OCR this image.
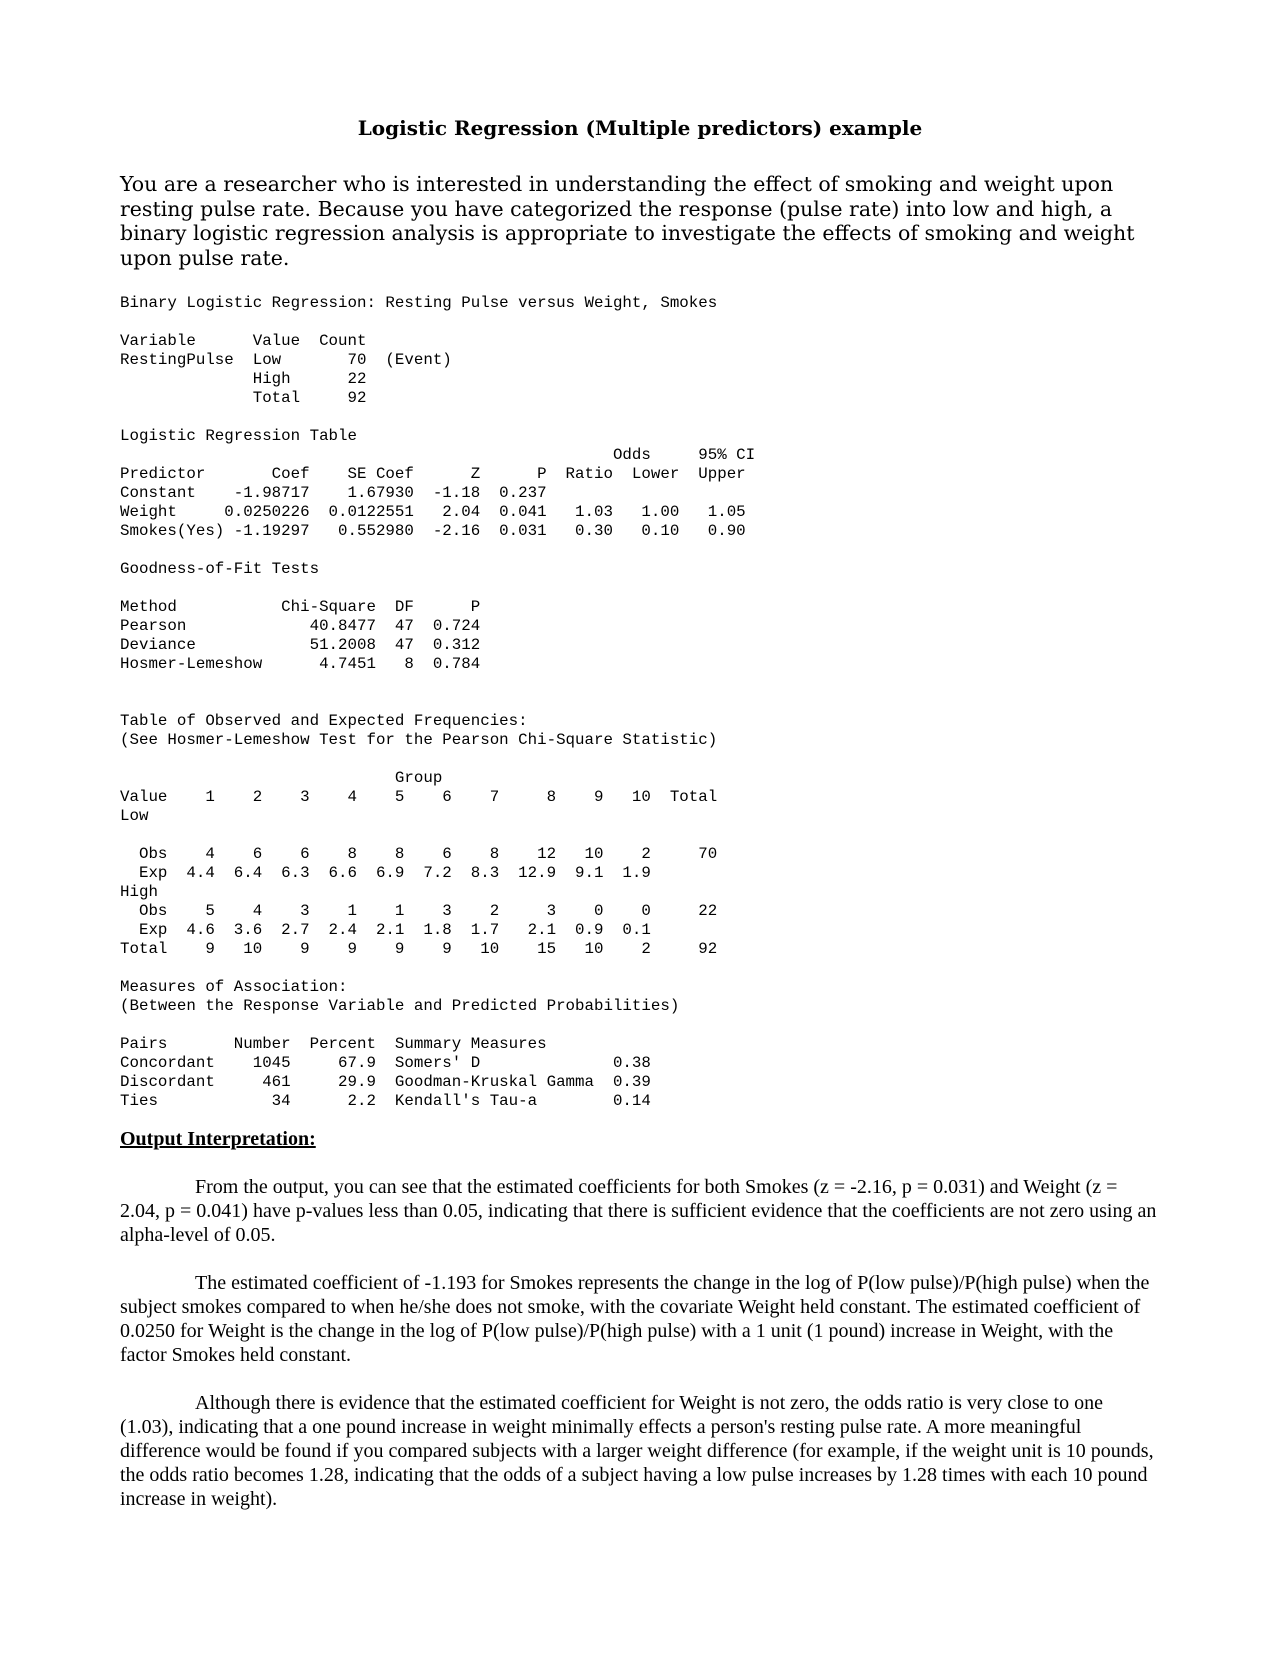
Logistic Regression (Multiple predictors) example

You are a researcher who is interested in understanding the effect of smoking and weight upon resting pulse rate. Because you have categorized the response (pulse rate) into low and high, a binary logistic regression analysis is appropriate to investigate the effects of smoking and weight upon pulse rate.

Binary Logistic Regression: Resting Pulse versus Weight, Smokes

Variable      Value  Count
RestingPulse  Low       70  (Event)
High      22
Total     92

Logistic Regression Table
Odds     95% CI
Predictor       Coef    SE Coef      Z      P  Ratio  Lower  Upper
Constant    -1.98717    1.67930  -1.18  0.237
Weight     0.0250226  0.0122551   2.04  0.041   1.03   1.00   1.05
Smokes(Yes) -1.19297   0.552980  -2.16  0.031   0.30   0.10   0.90

Goodness-of-Fit Tests

Method           Chi-Square  DF      P
Pearson             40.8477  47  0.724
Deviance            51.2008  47  0.312
Hosmer-Lemeshow      4.7451   8  0.784

Table of Observed and Expected Frequencies:
(See Hosmer-Lemeshow Test for the Pearson Chi-Square Statistic)

Group
Value    1    2    3    4    5    6    7     8    9   10  Total
Low

Obs    4    6    6    8    8    6    8    12   10    2     70
Exp  4.4  6.4  6.3  6.6  6.9  7.2  8.3  12.9  9.1  1.9
High
Obs    5    4    3    1    1    3    2     3    0    0     22
Exp  4.6  3.6  2.7  2.4  2.1  1.8  1.7   2.1  0.9  0.1
Total    9   10    9    9    9    9   10    15   10    2     92

Measures of Association:
(Between the Response Variable and Predicted Probabilities)

Pairs       Number  Percent  Summary Measures
Concordant    1045     67.9  Somers' D              0.38
Discordant     461     29.9  Goodman-Kruskal Gamma  0.39
Ties            34      2.2  Kendall's Tau-a        0.14
Output Interpretation:

From the output, you can see that the estimated coefficients for both Smokes (z = -2.16, p = 0.031) and Weight (z = 2.04, p = 0.041) have p-values less than 0.05, indicating that there is sufficient evidence that the coefficients are not zero using an alpha-level of 0.05.

The estimated coefficient of -1.193 for Smokes represents the change in the log of P(low pulse)/P(high pulse) when the subject smokes compared to when he/she does not smoke, with the covariate Weight held constant. The estimated coefficient of 0.0250 for Weight is the change in the log of P(low pulse)/P(high pulse) with a 1 unit (1 pound) increase in Weight, with the factor Smokes held constant.

Although there is evidence that the estimated coefficient for Weight is not zero, the odds ratio is very close to one (1.03), indicating that a one pound increase in weight minimally effects a person's resting pulse rate. A more meaningful difference would be found if you compared subjects with a larger weight difference (for example, if the weight unit is 10 pounds, the odds ratio becomes 1.28, indicating that the odds of a subject having a low pulse increases by 1.28 times with each 10 pound increase in weight).
